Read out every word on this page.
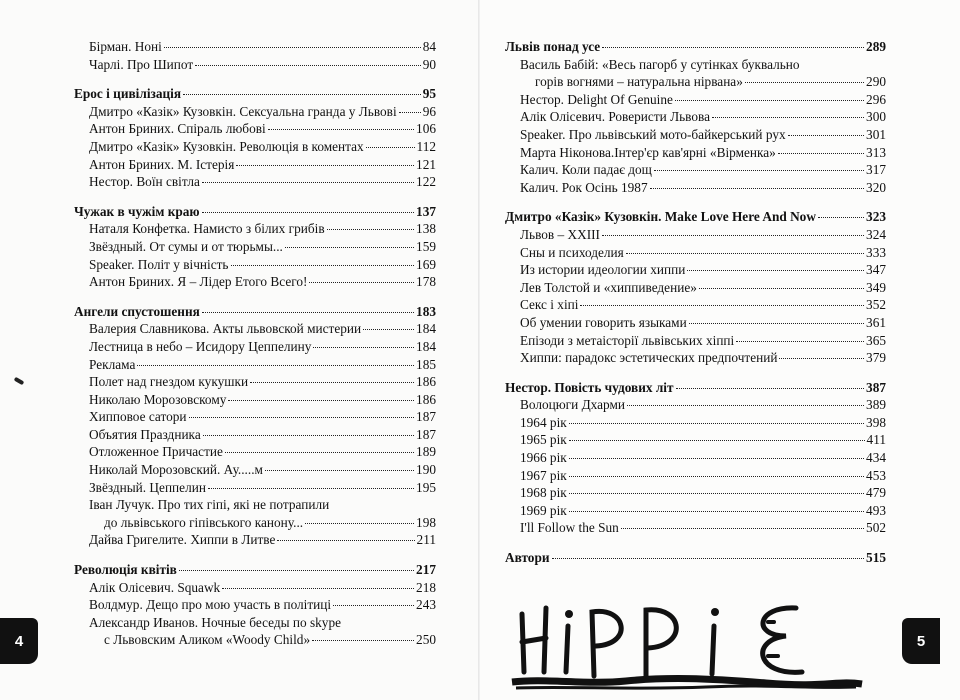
Бірман. Ноні	84
Чарлі. Про Шипот	90
Ерос і цивілізація	95
Дмитро «Казік» Кузовкін. Сексуальна гранда у Львові 96
Антон Бриних. Спіраль любові	106
Дмитро «Казік» Кузовкін. Революція в коментах	112
Антон Бриних. М. Істерія	121
Нестор. Воїн світла	122
Чужак в чужім краю	137
Наталя Конфетка. Намисто з білих грибів	138
Звёздный. От сумы и от тюрьмы...	159
Speaker. Політ у вічність	169
Антон Бриних. Я – Лідер Етого Всего!	178
Ангели спустошення	183
Валерия Славникова. Акты львовской мистерии	184
Лестница в небо – Исидору Цеппелину	184
Реклама	185
Полет над гнездом кукушки	186
Николаю Морозовскому	186
Хипповое сатори	187
Объятия Праздника	187
Отложенное Причастие	189
Николай Морозовский. Ау.....м	190
Звёздный. Цеппелин	195
Іван Лучук. Про тих гіпі, які не потрапили
до львівського гіпівського канону...	198
Дайва Григелите. Хиппи в Литве	211
Революція квітів	217
Алік Олісевич. Squawk	218
Волдмур. Дещо про мою участь в політиці	243
Александр Иванов. Ночные беседы по skype
с Львовским Аликом «Woody Child»	250
4
Львів понад усе	289
Василь Бабій: «Весь пагорб у сутінках буквально
горів вогнями – натуральна нірвана»	290
Нестор. Delight Of Genuine	296
Алік Олісевич. Роверисти Львова	300
Speaker. Про львівський мото-байкерський рух	301
Марта Ніконова.Інтер'єр кав'ярні «Вірменка»	313
Калич. Коли падає дощ	317
Калич. Рок Осінь 1987	320
Дмитро «Казік» Кузовкін. Make Love Here And Now	323
Львов – XXIII	324
Сны и психоделия	333
Из истории идеологии хиппи	347
Лев Толстой и «хиппиведение»	349
Секс і хіпі	352
Об умении говорить языками	361
Епізоди з метаісторії львівських хіппі	365
Хиппи: парадокс эстетических предпочтений	379
Нестор. Повість чудових літ	387
Волоцюги Дхарми	389
1964 рік	398
1965 рік	411
1966 рік	434
1967 рік	453
1968 рік	479
1969 рік	493
I'll Follow the Sun	502
Автори	515
5
